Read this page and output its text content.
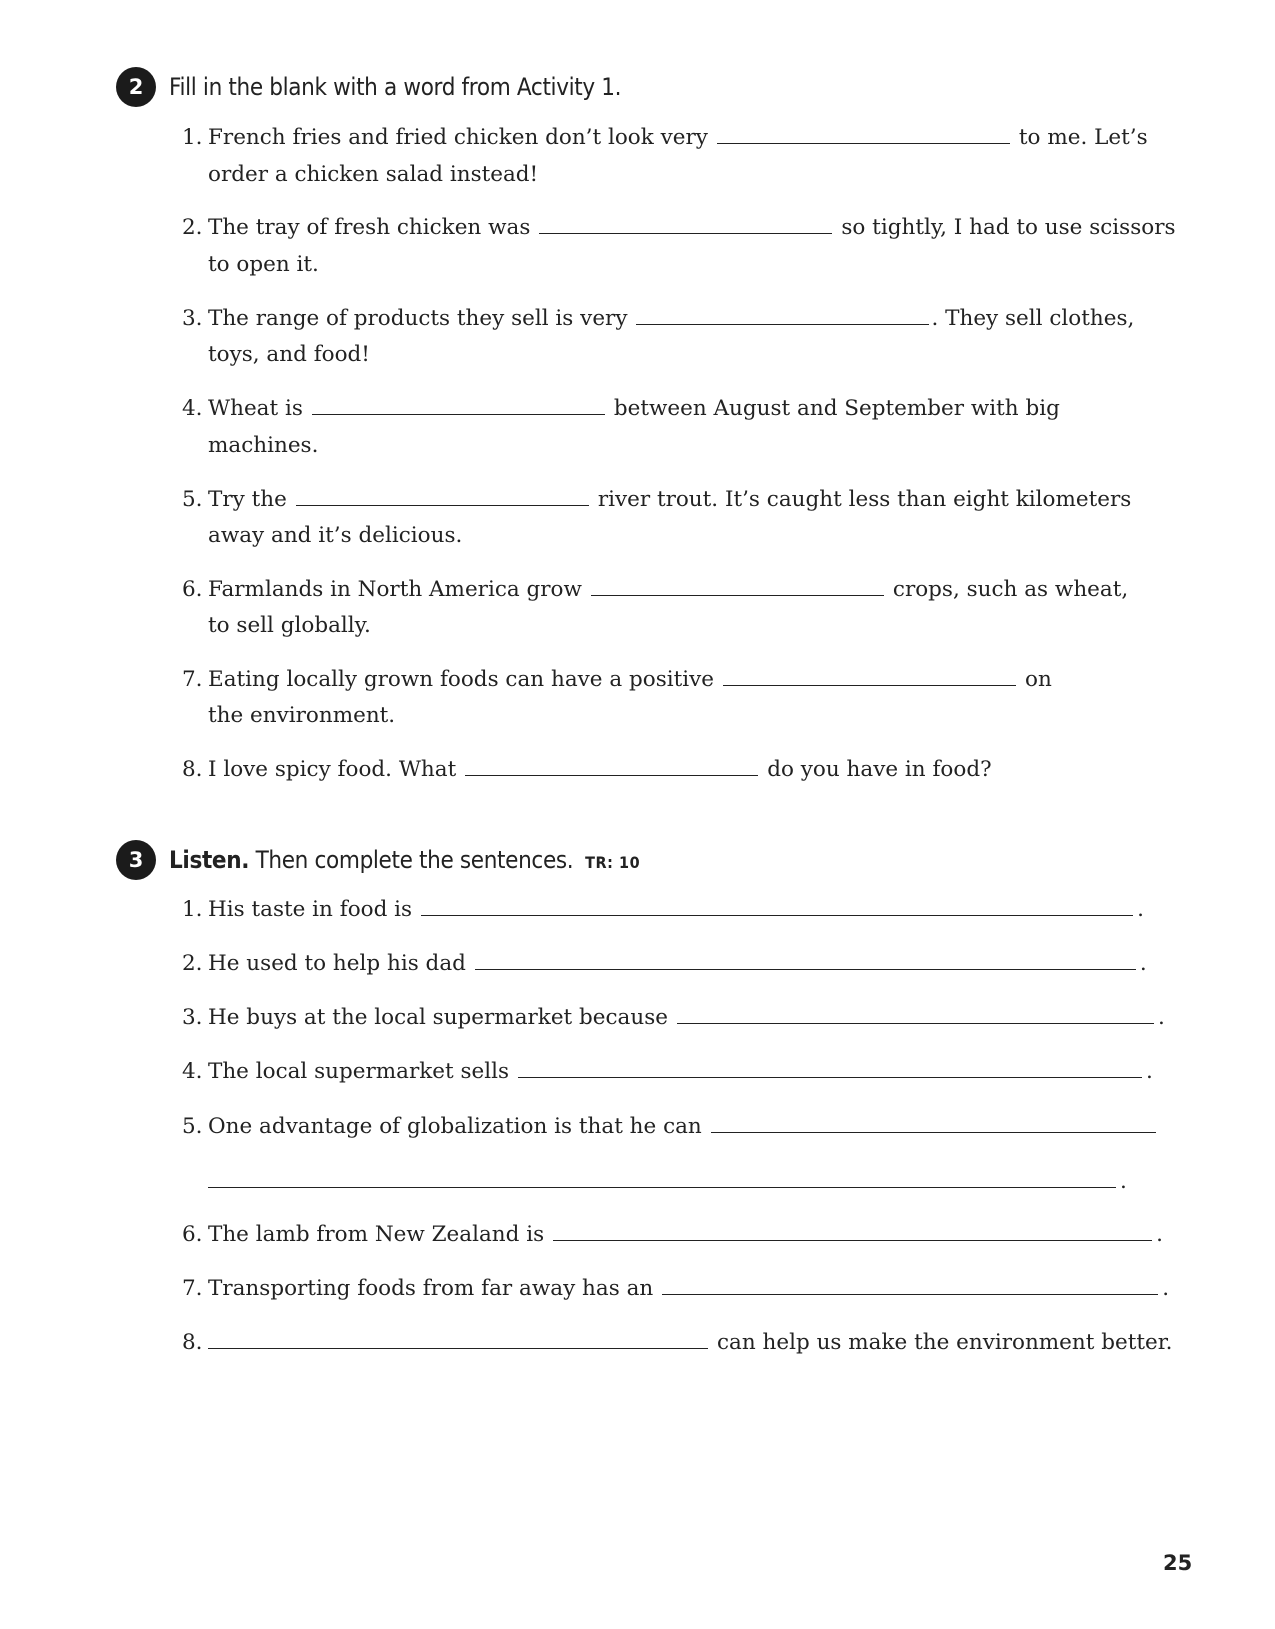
2	Fill in the blank with a word from Activity 1.
1. French fries and fried chicken don’t look very	to me. Let’s
order a chicken salad instead!
2. The tray of fresh chicken was	so tightly, I had to use scissors
to open it.
3. The range of products they sell is very	. They sell clothes,
toys, and food!
4. Wheat is	between August and September with big
machines.
5. Try the	river trout. It’s caught less than eight kilometers
away and it’s delicious.
6. Farmlands in North America grow	crops, such as wheat,
to sell globally.
7. Eating locally grown foods can have a positive	on
the environment.
8. I love spicy food. What	do you have in food?
3	Listen. Then complete the sentences. TR: 10
1. His taste in food is	.
2. He used to help his dad	.
3. He buys at the local supermarket because	.
4. The local supermarket sells	.
5. One advantage of globalization is that he can
.
6. The lamb from New Zealand is	.
7. Transporting foods from far away has an	.
8.	can help us make the environment better.
25
